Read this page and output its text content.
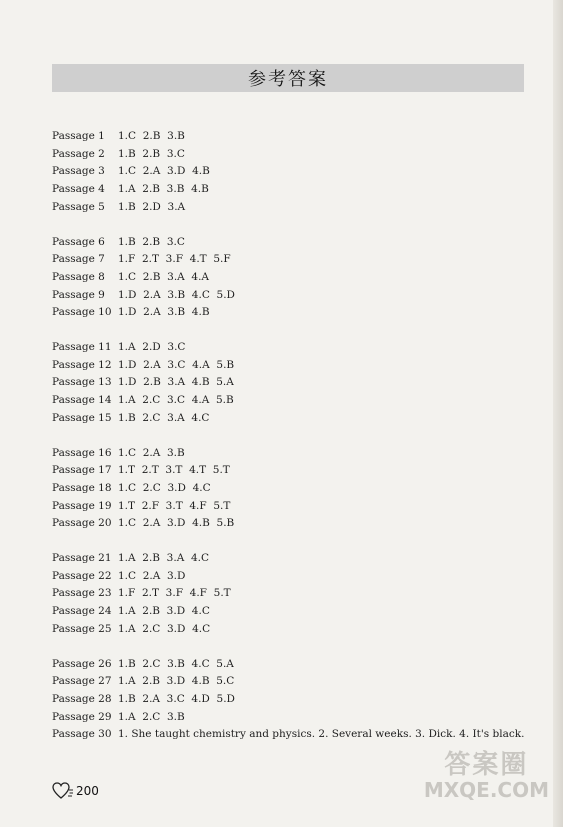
参考答案
Passage 1	1.C  2.B  3.B
Passage 2	1.B  2.B  3.C
Passage 3	1.C  2.A  3.D  4.B
Passage 4	1.A  2.B  3.B  4.B
Passage 5	1.B  2.D  3.A
Passage 6	1.B  2.B  3.C
Passage 7	1.F  2.T  3.F  4.T  5.F
Passage 8	1.C  2.B  3.A  4.A
Passage 9	1.D  2.A  3.B  4.C  5.D
Passage 10 1.D  2.A  3.B  4.B
Passage 11 1.A  2.D  3.C
Passage 12 1.D  2.A  3.C  4.A  5.B
Passage 13 1.D  2.B  3.A  4.B  5.A
Passage 14 1.A  2.C  3.C  4.A  5.B
Passage 15 1.B  2.C  3.A  4.C
Passage 16 1.C  2.A  3.B
Passage 17 1.T  2.T  3.T  4.T  5.T
Passage 18 1.C  2.C  3.D  4.C
Passage 19 1.T  2.F  3.T  4.F  5.T
Passage 20 1.C  2.A  3.D  4.B  5.B
Passage 21 1.A  2.B  3.A  4.C
Passage 22 1.C  2.A  3.D
Passage 23 1.F  2.T  3.F  4.F  5.T
Passage 24 1.A  2.B  3.D  4.C
Passage 25 1.A  2.C  3.D  4.C
Passage 26 1.B  2.C  3.B  4.C  5.A
Passage 27 1.A  2.B  3.D  4.B  5.C
Passage 28 1.B  2.A  3.C  4.D  5.D
Passage 29 1.A  2.C  3.B
Passage 30 1. She taught chemistry and physics. 2. Several weeks. 3. Dick. 4. It's black.
200
答案圈
MXQE.COM
